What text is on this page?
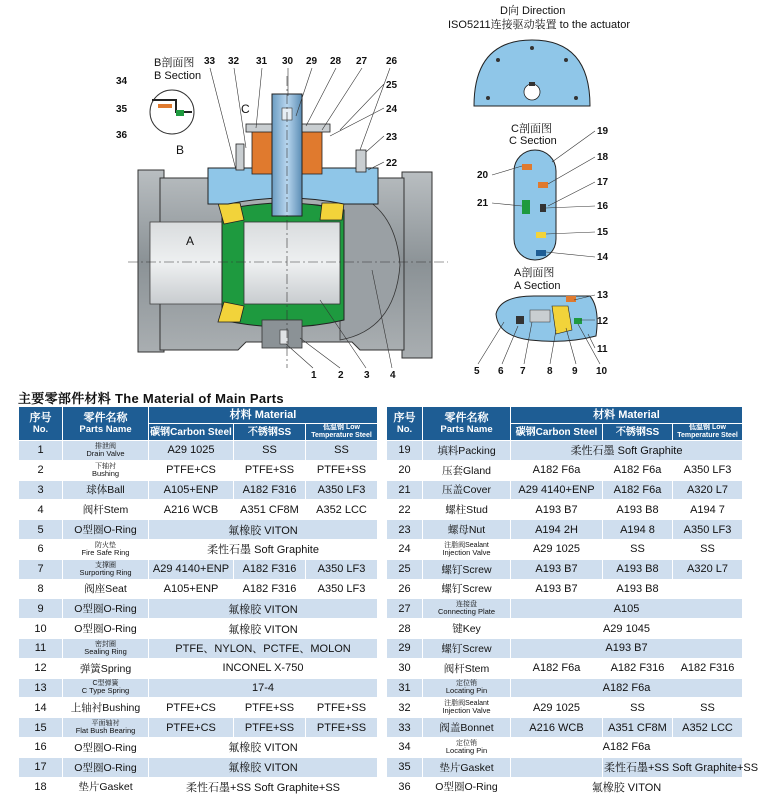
A
C
B
B剖面图
B Section
34
35
36
33 32 31 30 29 28 27 26
25
24
23
22
1 2 3 4
D向 Direction
ISO5211连接驱动装置 to the actuator
C剖面图
C Section
19
18
17
16
15
14
20
21
A剖面图
A Section
13
12
11
5 6 7 8 9 10
主要零部件材料 The Material of Main Parts
序号
No.	零件名称
Parts Name	材料 Material		
		碳钢Carbon Steel	不锈钢SS	低温钢 Low
Temperature Steel

1	排泄阀
Drain Valve	A29 1025	SS	SS
2	下轴衬
Bushing	PTFE+CS	PTFE+SS	PTFE+SS
3	球体Ball	A105+ENP	A182 F316	A350 LF3
4	阀杆Stem	A216 WCB	A351 CF8M	A352 LCC
5	O型圈O-Ring	氟橡胶 VITON		
6	防火垫
Fire Safe Ring	柔性石墨 Soft Graphite		
7	支撑圈
Surporting Ring	A29 4140+ENP	A182 F316	A350 LF3
8	阀座Seat	A105+ENP	A182 F316	A350 LF3
9	O型圈O-Ring	氟橡胶 VITON		
10	O型圈O-Ring	氟橡胶 VITON		
11	密封圈
Sealing Ring	PTFE、NYLON、PCTFE、MOLON		
12	弹簧Spring	INCONEL X-750		
13	C型弹簧
C Type Spring	17-4		
14	上轴衬Bushing	PTFE+CS	PTFE+SS	PTFE+SS
15	平面轴衬
Flat Bush Bearing	PTFE+CS	PTFE+SS	PTFE+SS
16	O型圈O-Ring	氟橡胶 VITON		
17	O型圈O-Ring	氟橡胶 VITON		
18	垫片Gasket	柔性石墨+SS Soft Graphite+SS		
序号
No.	零件名称
Parts Name	材料 Material		
		碳钢Carbon Steel	不锈钢SS	低温钢 Low
Temperature Steel

19	填料Packing	柔性石墨 Soft Graphite		
20	压套Gland	A182 F6a	A182 F6a	A350 LF3
21	压盖Cover	A29 4140+ENP	A182 F6a	A320 L7
22	螺柱Stud	A193 B7	A193 B8	A194 7
23	螺母Nut	A194 2H	A194 8	A350 LF3
24	注脂阀Sealant
Injection Valve	A29 1025	SS	SS
25	螺钉Screw	A193 B7	A193 B8	A320 L7
26	螺钉Screw	A193 B7	A193 B8	
27	连接盘
Connecting Plate	A105		
28	键Key	A29 1045		
29	螺钉Screw	A193 B7		
30	阀杆Stem	A182 F6a	A182 F316	A182 F316
31	定位销
Locating Pin	A182 F6a		
32	注脂阀Sealant
Injection Valve	A29 1025	SS	SS
33	阀盖Bonnet	A216 WCB	A351 CF8M	A352 LCC
34	定位销
Locating Pin	A182 F6a		
35	垫片Gasket		柔性石墨+SS Soft Graphite+SS	
36	O型圈O-Ring	氟橡胶 VITON		
